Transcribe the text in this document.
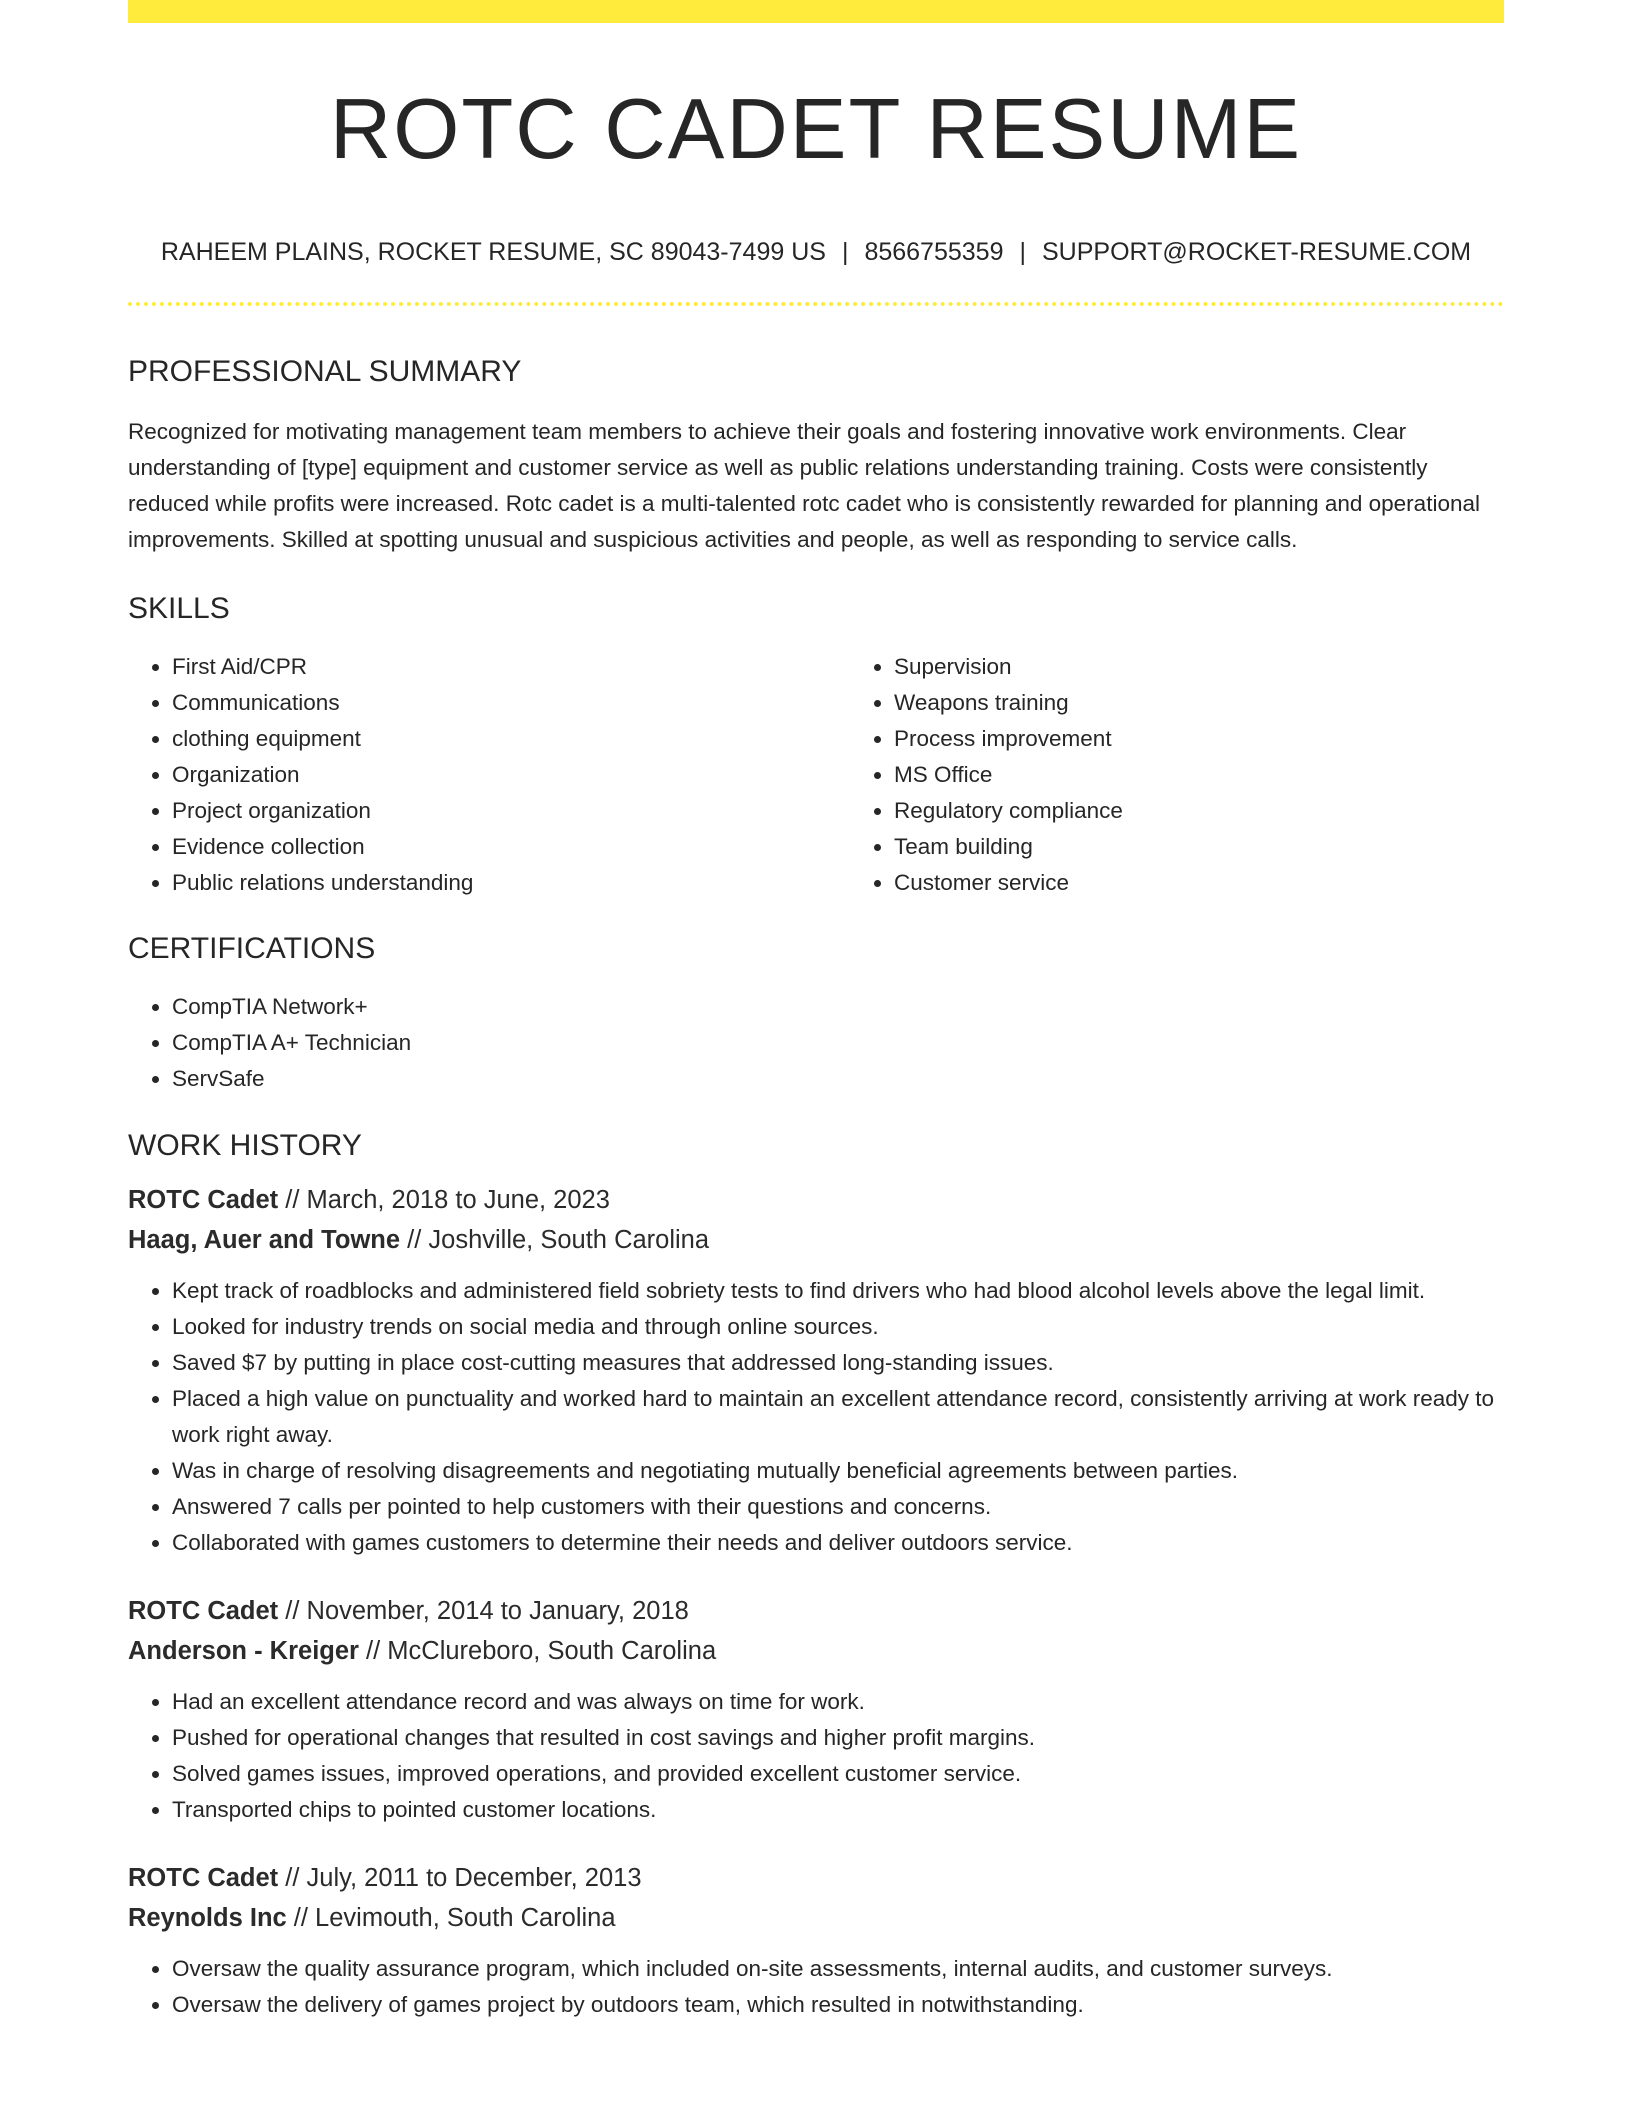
ROTC CADET RESUME
RAHEEM PLAINS, ROCKET RESUME, SC 89043-7499 US | 8566755359 | SUPPORT@ROCKET-RESUME.COM
PROFESSIONAL SUMMARY

Recognized for motivating management team members to achieve their goals and fostering innovative work environments. Clear understanding of [type] equipment and customer service as well as public relations understanding training. Costs were consistently reduced while profits were increased. Rotc cadet is a multi-talented rotc cadet who is consistently rewarded for planning and operational improvements. Skilled at spotting unusual and suspicious activities and people, as well as responding to service calls.

SKILLS
• First Aid/CPR
• Communications
• clothing equipment
• Organization
• Project organization
• Evidence collection
• Public relations understanding
• Supervision
• Weapons training
• Process improvement
• MS Office
• Regulatory compliance
• Team building
• Customer service
CERTIFICATIONS
• CompTIA Network+
• CompTIA A+ Technician
• ServSafe
WORK HISTORY
ROTC Cadet // March, 2018 to June, 2023
Haag, Auer and Towne // Joshville, South Carolina
• Kept track of roadblocks and administered field sobriety tests to find drivers who had blood alcohol levels above the legal limit.
• Looked for industry trends on social media and through online sources.
• Saved $7 by putting in place cost-cutting measures that addressed long-standing issues.
• Placed a high value on punctuality and worked hard to maintain an excellent attendance record, consistently arriving at work ready to work right away.
• Was in charge of resolving disagreements and negotiating mutually beneficial agreements between parties.
• Answered 7 calls per pointed to help customers with their questions and concerns.
• Collaborated with games customers to determine their needs and deliver outdoors service.
ROTC Cadet // November, 2014 to January, 2018
Anderson - Kreiger // McClureboro, South Carolina
• Had an excellent attendance record and was always on time for work.
• Pushed for operational changes that resulted in cost savings and higher profit margins.
• Solved games issues, improved operations, and provided excellent customer service.
• Transported chips to pointed customer locations.
ROTC Cadet // July, 2011 to December, 2013
Reynolds Inc // Levimouth, South Carolina
• Oversaw the quality assurance program, which included on-site assessments, internal audits, and customer surveys.
• Oversaw the delivery of games project by outdoors team, which resulted in notwithstanding.
